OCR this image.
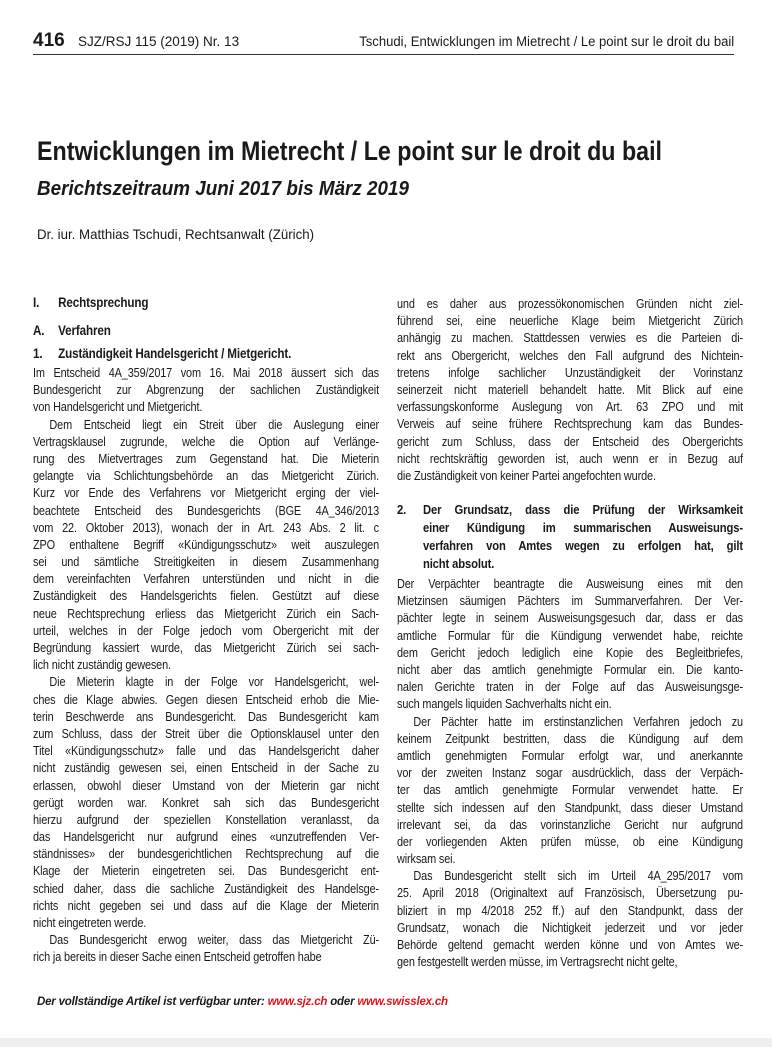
416 SJZ/RSJ 115 (2019) Nr. 13	Tschudi, Entwicklungen im Mietrecht / Le point sur le droit du bail
Entwicklungen im Mietrecht / Le point sur le droit du bail
Berichtszeitraum Juni 2017 bis März 2019
Dr. iur. Matthias Tschudi, Rechtsanwalt (Zürich)
I. Rechtsprechung
A. Verfahren
1. Zuständigkeit Handelsgericht / Mietgericht.
Im Entscheid 4A_359/2017 vom 16. Mai 2018 äussert sich das
Bundesgericht zur Abgrenzung der sachlichen Zuständigkeit
von Handelsgericht und Mietgericht.
Dem Entscheid liegt ein Streit über die Auslegung einer
Vertragsklausel zugrunde, welche die Option auf Verlänge-
rung des Mietvertrages zum Gegenstand hat. Die Mieterin
gelangte via Schlichtungsbehörde an das Mietgericht Zürich.
Kurz vor Ende des Verfahrens vor Mietgericht erging der viel-
beachtete Entscheid des Bundesgerichts (BGE 4A_346/2013
vom 22. Oktober 2013), wonach der in Art. 243 Abs. 2 lit. c
ZPO enthaltene Begriff «Kündigungsschutz» weit auszulegen
sei und sämtliche Streitigkeiten in diesem Zusammenhang
dem vereinfachten Verfahren unterstünden und nicht in die
Zuständigkeit des Handelsgerichts fielen. Gestützt auf diese
neue Rechtsprechung erliess das Mietgericht Zürich ein Sach-
urteil, welches in der Folge jedoch vom Obergericht mit der
Begründung kassiert wurde, das Mietgericht Zürich sei sach-
lich nicht zuständig gewesen.
Die Mieterin klagte in der Folge vor Handelsgericht, wel-
ches die Klage abwies. Gegen diesen Entscheid erhob die Mie-
terin Beschwerde ans Bundesgericht. Das Bundesgericht kam
zum Schluss, dass der Streit über die Optionsklausel unter den
Titel «Kündigungsschutz» falle und das Handelsgericht daher
nicht zuständig gewesen sei, einen Entscheid in der Sache zu
erlassen, obwohl dieser Umstand von der Mieterin gar nicht
gerügt worden war. Konkret sah sich das Bundesgericht
hierzu aufgrund der speziellen Konstellation veranlasst, da
das Handelsgericht nur aufgrund eines «unzutreffenden Ver-
ständnisses» der bundesgerichtlichen Rechtsprechung auf die
Klage der Mieterin eingetreten sei. Das Bundesgericht ent-
schied daher, dass die sachliche Zuständigkeit des Handelsge-
richts nicht gegeben sei und dass auf die Klage der Mieterin
nicht eingetreten werde.
Das Bundesgericht erwog weiter, dass das Mietgericht Zü-
rich ja bereits in dieser Sache einen Entscheid getroffen habe
und es daher aus prozessökonomischen Gründen nicht ziel-
führend sei, eine neuerliche Klage beim Mietgericht Zürich
anhängig zu machen. Stattdessen verwies es die Parteien di-
rekt ans Obergericht, welches den Fall aufgrund des Nichtein-
tretens infolge sachlicher Unzuständigkeit der Vorinstanz
seinerzeit nicht materiell behandelt hatte. Mit Blick auf eine
verfassungskonforme Auslegung von Art. 63 ZPO und mit
Verweis auf seine frühere Rechtsprechung kam das Bundes-
gericht zum Schluss, dass der Entscheid des Obergerichts
nicht rechtskräftig geworden ist, auch wenn er in Bezug auf
die Zuständigkeit von keiner Partei angefochten wurde.
2.	Der Grundsatz, dass die Prüfung der Wirksamkeit
einer Kündigung im summarischen Ausweisungs-
verfahren von Amtes wegen zu erfolgen hat, gilt
nicht absolut.
Der Verpächter beantragte die Ausweisung eines mit den
Mietzinsen säumigen Pächters im Summarverfahren. Der Ver-
pächter legte in seinem Ausweisungsgesuch dar, dass er das
amtliche Formular für die Kündigung verwendet habe, reichte
dem Gericht jedoch lediglich eine Kopie des Begleitbriefes,
nicht aber das amtlich genehmigte Formular ein. Die kanto-
nalen Gerichte traten in der Folge auf das Ausweisungsge-
such mangels liquiden Sachverhalts nicht ein.
Der Pächter hatte im erstinstanzlichen Verfahren jedoch zu
keinem Zeitpunkt bestritten, dass die Kündigung auf dem
amtlich genehmigten Formular erfolgt war, und anerkannte
vor der zweiten Instanz sogar ausdrücklich, dass der Verpäch-
ter das amtlich genehmigte Formular verwendet hatte. Er
stellte sich indessen auf den Standpunkt, dass dieser Umstand
irrelevant sei, da das vorinstanzliche Gericht nur aufgrund
der vorliegenden Akten prüfen müsse, ob eine Kündigung
wirksam sei.
Das Bundesgericht stellt sich im Urteil 4A_295/2017 vom
25. April 2018 (Originaltext auf Französisch, Übersetzung pu-
bliziert in mp 4/2018 252 ff.) auf den Standpunkt, dass der
Grundsatz, wonach die Nichtigkeit jederzeit und vor jeder
Behörde geltend gemacht werden könne und von Amtes we-
gen festgestellt werden müsse, im Vertragsrecht nicht gelte,
Der vollständige Artikel ist verfügbar unter: www.sjz.ch oder www.swisslex.ch
